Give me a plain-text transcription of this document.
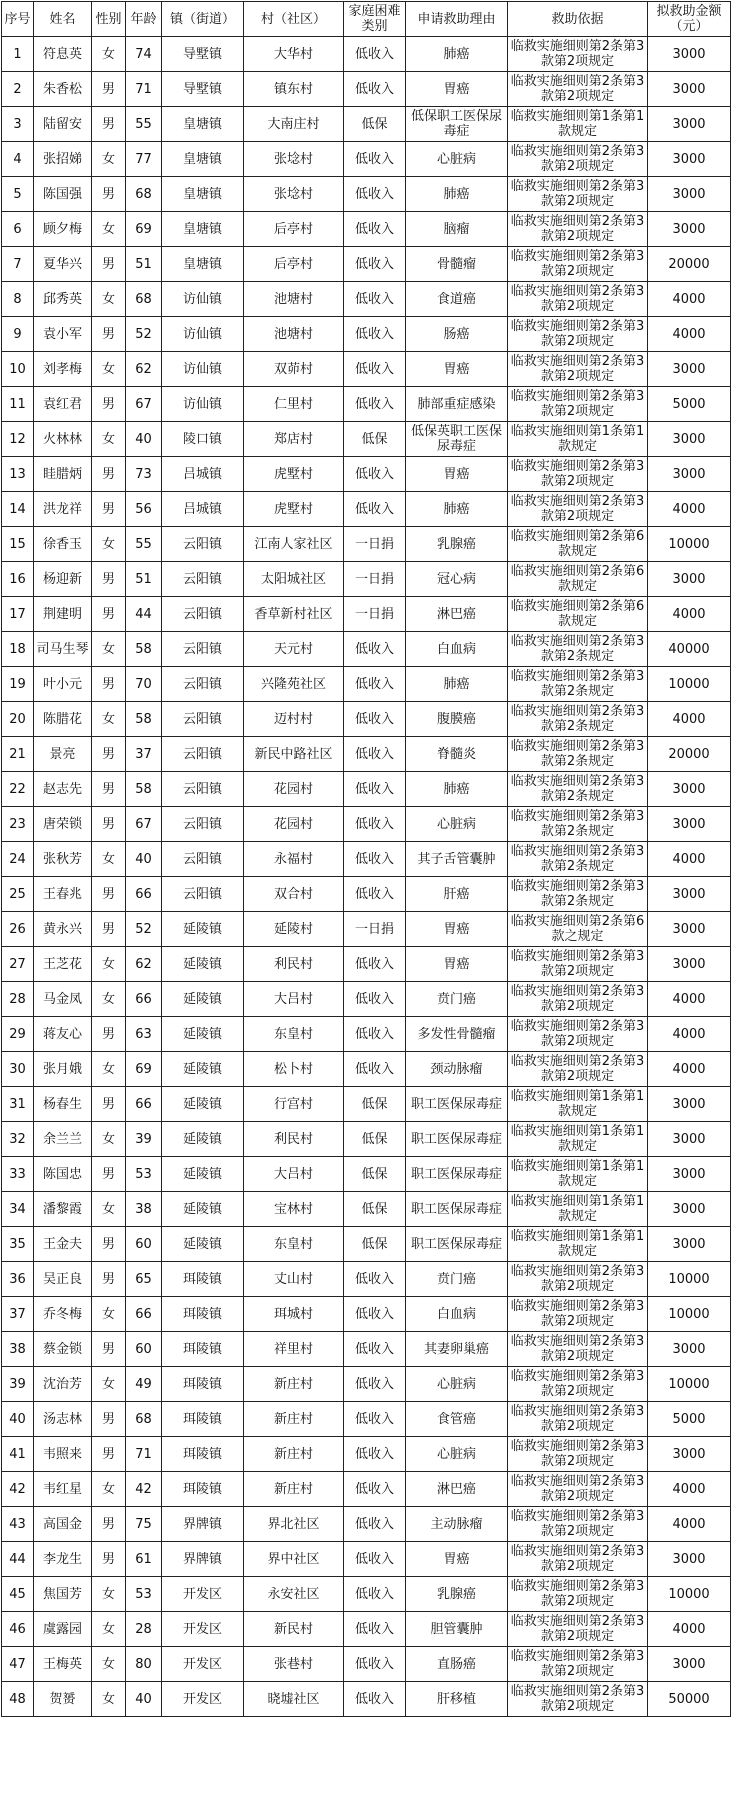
序号	姓名	性别	年龄	镇（街道）	村（社区）	家庭困难类别	申请救助理由	救助依据	拟救助金额（元）
1	符息英	女	74	导墅镇	大华村	低收入	肺癌	临救实施细则第2条第3款第2项规定	3000
2	朱香松	男	71	导墅镇	镇东村	低收入	胃癌	临救实施细则第2条第3款第2项规定	3000
3	陆留安	男	55	皇塘镇	大南庄村	低保	低保职工医保尿毒症	临救实施细则第1条第1款规定	3000
4	张招娣	女	77	皇塘镇	张埝村	低收入	心脏病	临救实施细则第2条第3款第2项规定	3000
5	陈国强	男	68	皇塘镇	张埝村	低收入	肺癌	临救实施细则第2条第3款第2项规定	3000
6	顾夕梅	女	69	皇塘镇	后亭村	低收入	脑瘤	临救实施细则第2条第3款第2项规定	3000
7	夏华兴	男	51	皇塘镇	后亭村	低收入	骨髓瘤	临救实施细则第2条第3款第2项规定	20000
8	邱秀英	女	68	访仙镇	池塘村	低收入	食道癌	临救实施细则第2条第3款第2项规定	4000
9	袁小军	男	52	访仙镇	池塘村	低收入	肠癌	临救实施细则第2条第3款第2项规定	4000
10	刘孝梅	女	62	访仙镇	双茆村	低收入	胃癌	临救实施细则第2条第3款第2项规定	3000
11	袁红君	男	67	访仙镇	仁里村	低收入	肺部重症感染	临救实施细则第2条第3款第2项规定	5000
12	火林林	女	40	陵口镇	郑店村	低保	低保英职工医保尿毒症	临救实施细则第1条第1款规定	3000
13	眭腊炳	男	73	吕城镇	虎墅村	低收入	胃癌	临救实施细则第2条第3款第2项规定	3000
14	洪龙祥	男	56	吕城镇	虎墅村	低收入	肺癌	临救实施细则第2条第3款第2项规定	4000
15	徐香玉	女	55	云阳镇	江南人家社区	一日捐	乳腺癌	临救实施细则第2条第6款规定	10000
16	杨迎新	男	51	云阳镇	太阳城社区	一日捐	冠心病	临救实施细则第2条第6款规定	3000
17	荆建明	男	44	云阳镇	香草新村社区	一日捐	淋巴癌	临救实施细则第2条第6款规定	4000
18	司马生琴	女	58	云阳镇	天元村	低收入	白血病	临救实施细则第2条第3款第2条规定	40000
19	叶小元	男	70	云阳镇	兴隆苑社区	低收入	肺癌	临救实施细则第2条第3款第2条规定	10000
20	陈腊花	女	58	云阳镇	迈村村	低收入	腹膜癌	临救实施细则第2条第3款第2条规定	4000
21	景亮	男	37	云阳镇	新民中路社区	低收入	脊髓炎	临救实施细则第2条第3款第2条规定	20000
22	赵志先	男	58	云阳镇	花园村	低收入	肺癌	临救实施细则第2条第3款第2条规定	3000
23	唐荣锁	男	67	云阳镇	花园村	低收入	心脏病	临救实施细则第2条第3款第2条规定	3000
24	张秋芳	女	40	云阳镇	永福村	低收入	其子舌管囊肿	临救实施细则第2条第3款第2条规定	4000
25	王春兆	男	66	云阳镇	双合村	低收入	肝癌	临救实施细则第2条第3款第2条规定	3000
26	黄永兴	男	52	延陵镇	延陵村	一日捐	胃癌	临救实施细则第2条第6款之规定	3000
27	王芝花	女	62	延陵镇	利民村	低收入	胃癌	临救实施细则第2条第3款第2项规定	3000
28	马金凤	女	66	延陵镇	大吕村	低收入	贲门癌	临救实施细则第2条第3款第2项规定	4000
29	蒋友心	男	63	延陵镇	东皇村	低收入	多发性骨髓瘤	临救实施细则第2条第3款第2项规定	4000
30	张月娥	女	69	延陵镇	松卜村	低收入	颈动脉瘤	临救实施细则第2条第3款第2项规定	4000
31	杨春生	男	66	延陵镇	行宫村	低保	职工医保尿毒症	临救实施细则第1条第1款规定	3000
32	余兰兰	女	39	延陵镇	利民村	低保	职工医保尿毒症	临救实施细则第1条第1款规定	3000
33	陈国忠	男	53	延陵镇	大吕村	低保	职工医保尿毒症	临救实施细则第1条第1款规定	3000
34	潘黎霞	女	38	延陵镇	宝林村	低保	职工医保尿毒症	临救实施细则第1条第1款规定	3000
35	王金夫	男	60	延陵镇	东皇村	低保	职工医保尿毒症	临救实施细则第1条第1款规定	3000
36	吴正良	男	65	珥陵镇	丈山村	低收入	贲门癌	临救实施细则第2条第3款第2项规定	10000
37	乔冬梅	女	66	珥陵镇	珥城村	低收入	白血病	临救实施细则第2条第3款第2项规定	10000
38	蔡金锁	男	60	珥陵镇	祥里村	低收入	其妻卵巢癌	临救实施细则第2条第3款第2项规定	3000
39	沈治芳	女	49	珥陵镇	新庄村	低收入	心脏病	临救实施细则第2条第3款第2项规定	10000
40	汤志林	男	68	珥陵镇	新庄村	低收入	食管癌	临救实施细则第2条第3款第2项规定	5000
41	韦照来	男	71	珥陵镇	新庄村	低收入	心脏病	临救实施细则第2条第3款第2项规定	3000
42	韦红星	女	42	珥陵镇	新庄村	低收入	淋巴癌	临救实施细则第2条第3款第2项规定	4000
43	高国金	男	75	界牌镇	界北社区	低收入	主动脉瘤	临救实施细则第2条第3款第2项规定	4000
44	李龙生	男	61	界牌镇	界中社区	低收入	胃癌	临救实施细则第2条第3款第2项规定	3000
45	焦国芳	女	53	开发区	永安社区	低收入	乳腺癌	临救实施细则第2条第3款第2项规定	10000
46	虞露园	女	28	开发区	新民村	低收入	胆管囊肿	临救实施细则第2条第3款第2项规定	4000
47	王梅英	女	80	开发区	张巷村	低收入	直肠癌	临救实施细则第2条第3款第2项规定	3000
48	贺赟	女	40	开发区	晓墟社区	低收入	肝移植	临救实施细则第2条第3款第2项规定	50000
